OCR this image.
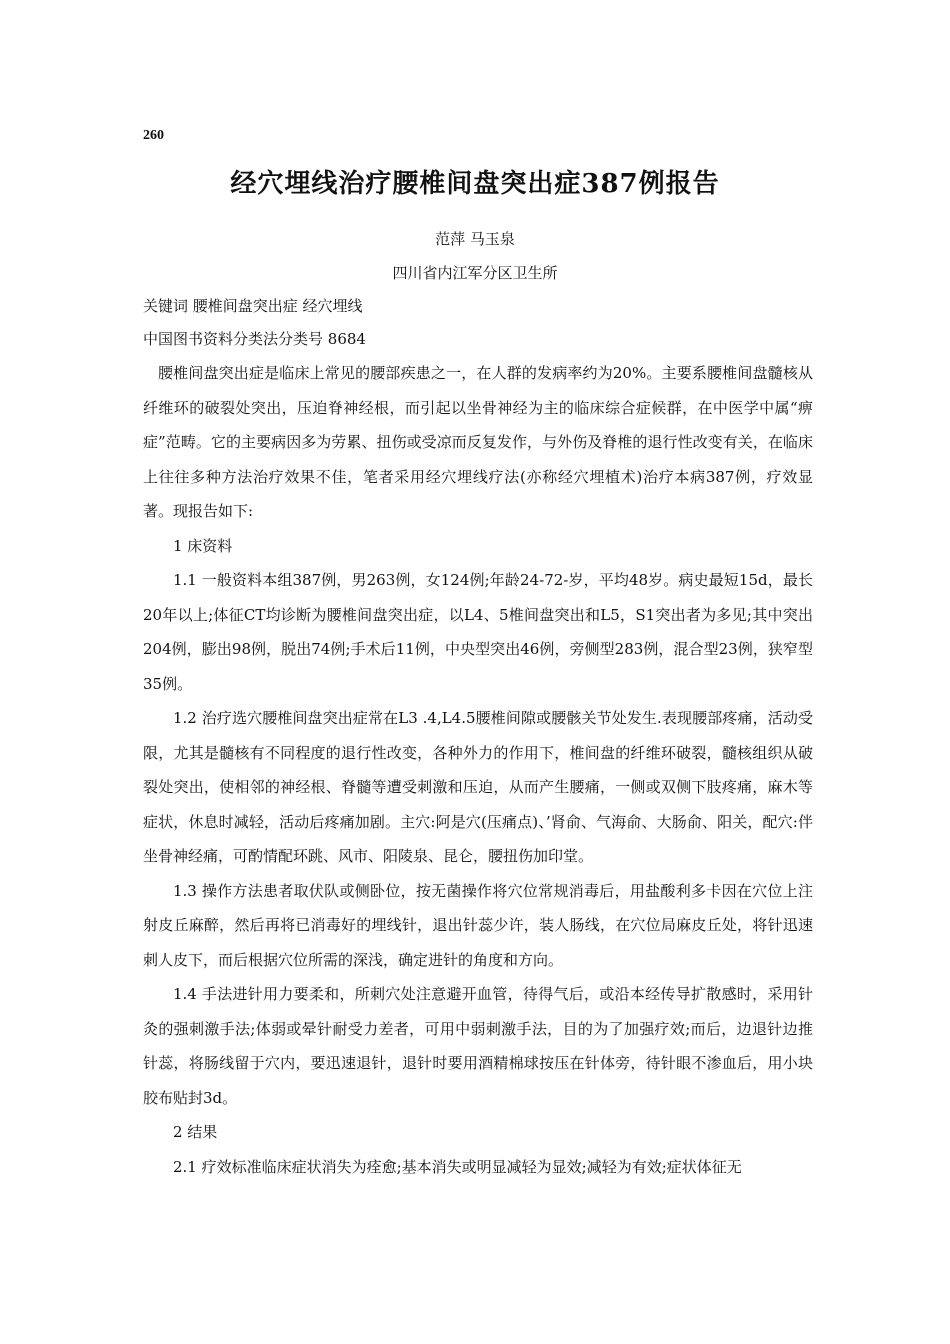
260
经穴埋线治疗腰椎间盘突出症387例报告
范萍 马玉泉
四川省内江军分区卫生所
关键词 腰椎间盘突出症 经穴埋线
中国图书资料分类法分类号 8684

腰椎间盘突出症是临床上常见的腰部疾患之一，在人群的发病率约为20%。主要系腰椎间盘髓核从纤维环的破裂处突出，压迫脊神经根，而引起以坐骨神经为主的临床综合症候群，在中医学中属“痹症”范畴。它的主要病因多为劳累、扭伤或受凉而反复发作，与外伤及脊椎的退行性改变有关，在临床上往往多种方法治疗效果不佳，笔者采用经穴埋线疗法(亦称经穴埋植术)治疗本病387例，疗效显著。现报告如下:

1 床资料

1.1 一般资料本组387例，男263例，女124例;年龄24-72-岁，平均48岁。病史最短15d，最长20年以上;体征CT均诊断为腰椎间盘突出症，以L4、5椎间盘突出和L5，S1突出者为多见;其中突出204例，膨出98例，脱出74例;手术后11例，中央型突出46例，旁侧型283例，混合型23例，狭窄型35例。

1.2 治疗选穴腰椎间盘突出症常在L3 .4,L4.5腰椎间隙或腰骸关节处发生.表现腰部疼痛，活动受限，尤其是髓核有不同程度的退行性改变，各种外力的作用下，椎间盘的纤维环破裂，髓核组织从破裂处突出，使相邻的神经根、脊髓等遭受刺激和压迫，从而产生腰痛，一侧或双侧下肢疼痛，麻木等症状，休息时减轻，活动后疼痛加剧。主穴:阿是穴(压痛点)、’肾俞、气海俞、大肠俞、阳关，配穴:伴坐骨神经痛，可酌情配环跳、风市、阳陵泉、昆仑，腰扭伤加印堂。

1.3 操作方法患者取伏队或侧卧位，按无菌操作将穴位常规消毒后，用盐酸利多卡因在穴位上注射皮丘麻醉，然后再将已消毒好的埋线针，退出针蕊少许，装人肠线，在穴位局麻皮丘处，将针迅速刺人皮下，而后根据穴位所需的深浅，确定进针的角度和方向。

1.4 手法进针用力要柔和，所刺穴处注意避开血管，待得气后，或沿本经传导扩散感时，采用针灸的强刺激手法;体弱或晕针耐受力差者，可用中弱刺激手法，目的为了加强疗效;而后，边退针边推针蕊，将肠线留于穴内，要迅速退针，退针时要用酒精棉球按压在针体旁，待针眼不渗血后，用小块胶布贴封3d。

2 结果

2.1 疗效标准临床症状消失为痊愈;基本消失或明显减轻为显效;减轻为有效;症状体征无
